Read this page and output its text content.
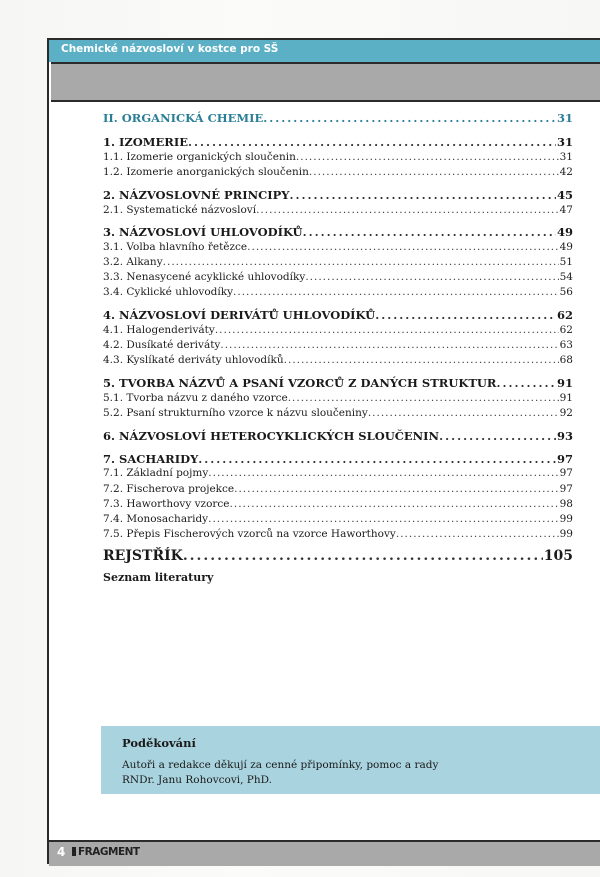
Chemické názvosloví v kostce pro SŠ
II. ORGANICKÁ CHEMIE .....	31
1. IZOMERIE .....	31
1.1. Izomerie organických sloučenin .....	31
1.2. Izomerie anorganických sloučenin .....	42
2. NÁZVOSLOVNÉ PRINCIPY .....	45
2.1. Systematické názvosloví .....	47
3. NÁZVOSLOVÍ UHLOVODÍKŮ .....	49
3.1. Volba hlavního řetězce .....	49
3.2. Alkany .....	51
3.3. Nenasycené acyklické uhlovodíky .....	54
3.4. Cyklické uhlovodíky .....	56
4. NÁZVOSLOVÍ DERIVÁTŮ UHLOVODÍKŮ .....	62
4.1. Halogenderiváty .....	62
4.2. Dusíkaté deriváty .....	63
4.3. Kyslíkaté deriváty uhlovodíků .....	68
5. TVORBA NÁZVŮ A PSANÍ VZORCŮ Z DANÝCH STRUKTUR .....	91
5.1. Tvorba názvu z daného vzorce .....	91
5.2. Psaní strukturního vzorce k názvu sloučeniny .....	92
6. NÁZVOSLOVÍ HETEROCYKLICKÝCH SLOUČENIN .....	93
7. SACHARIDY .....	97
7.1. Základní pojmy .....	97
7.2. Fischerova projekce .....	97
7.3. Haworthovy vzorce .....	98
7.4. Monosacharidy .....	99
7.5. Přepis Fischerových vzorců na vzorce Haworthovy .....	99
REJSTŘÍK .....	105
Seznam literatury
Poděkování
Autoři a redakce děkují za cenné připomínky, pomoc a rady RNDr. Janu Rohovcovi, PhD.
4	FRAGMENT
